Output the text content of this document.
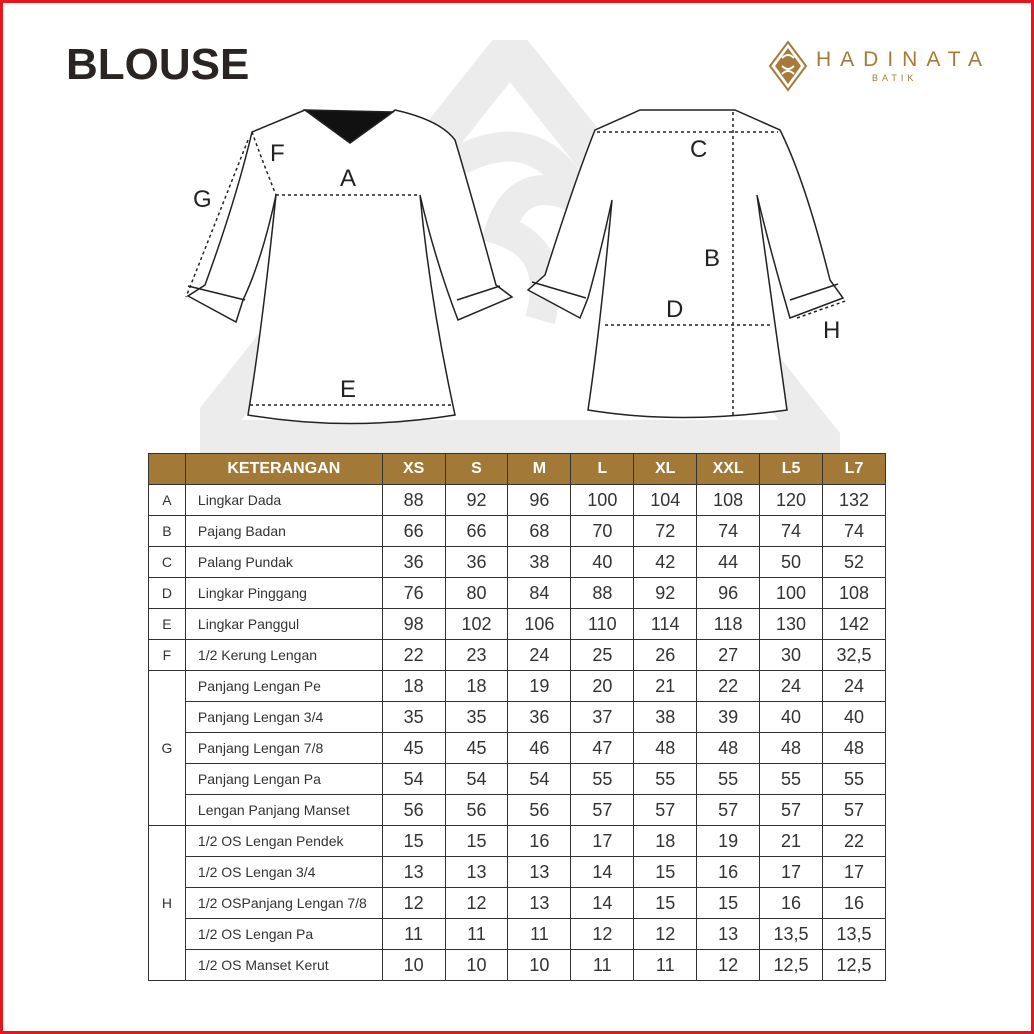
BLOUSE	HADINATA
BATIK
A
B
C
D
E
F
G
H
	KETERANGAN	XS	S	M	L	XL	XXL	L5	L7
A	Lingkar Dada	88	92	96	100	104	108	120	132
B	Pajang Badan	66	66	68	70	72	74	74	74
C	Palang Pundak	36	36	38	40	42	44	50	52
D	Lingkar Pinggang	76	80	84	88	92	96	100	108
E	Lingkar Panggul	98	102	106	110	114	118	130	142
F	1/2 Kerung Lengan	22	23	24	25	26	27	30	32,5
G	Panjang Lengan Pe	18	18	19	20	21	22	24	24
	Panjang Lengan 3/4	35	35	36	37	38	39	40	40
	Panjang Lengan 7/8	45	45	46	47	48	48	48	48
	Panjang Lengan Pa	54	54	54	55	55	55	55	55
	Lengan Panjang Manset	56	56	56	57	57	57	57	57
H	1/2 OS Lengan Pendek	15	15	16	17	18	19	21	22
	1/2 OS Lengan 3/4	13	13	13	14	15	16	17	17
	1/2 OSPanjang Lengan 7/8	12	12	13	14	15	15	16	16
	1/2 OS Lengan Pa	11	11	11	12	12	13	13,5	13,5
	1/2 OS Manset Kerut	10	10	10	11	11	12	12,5	12,5
